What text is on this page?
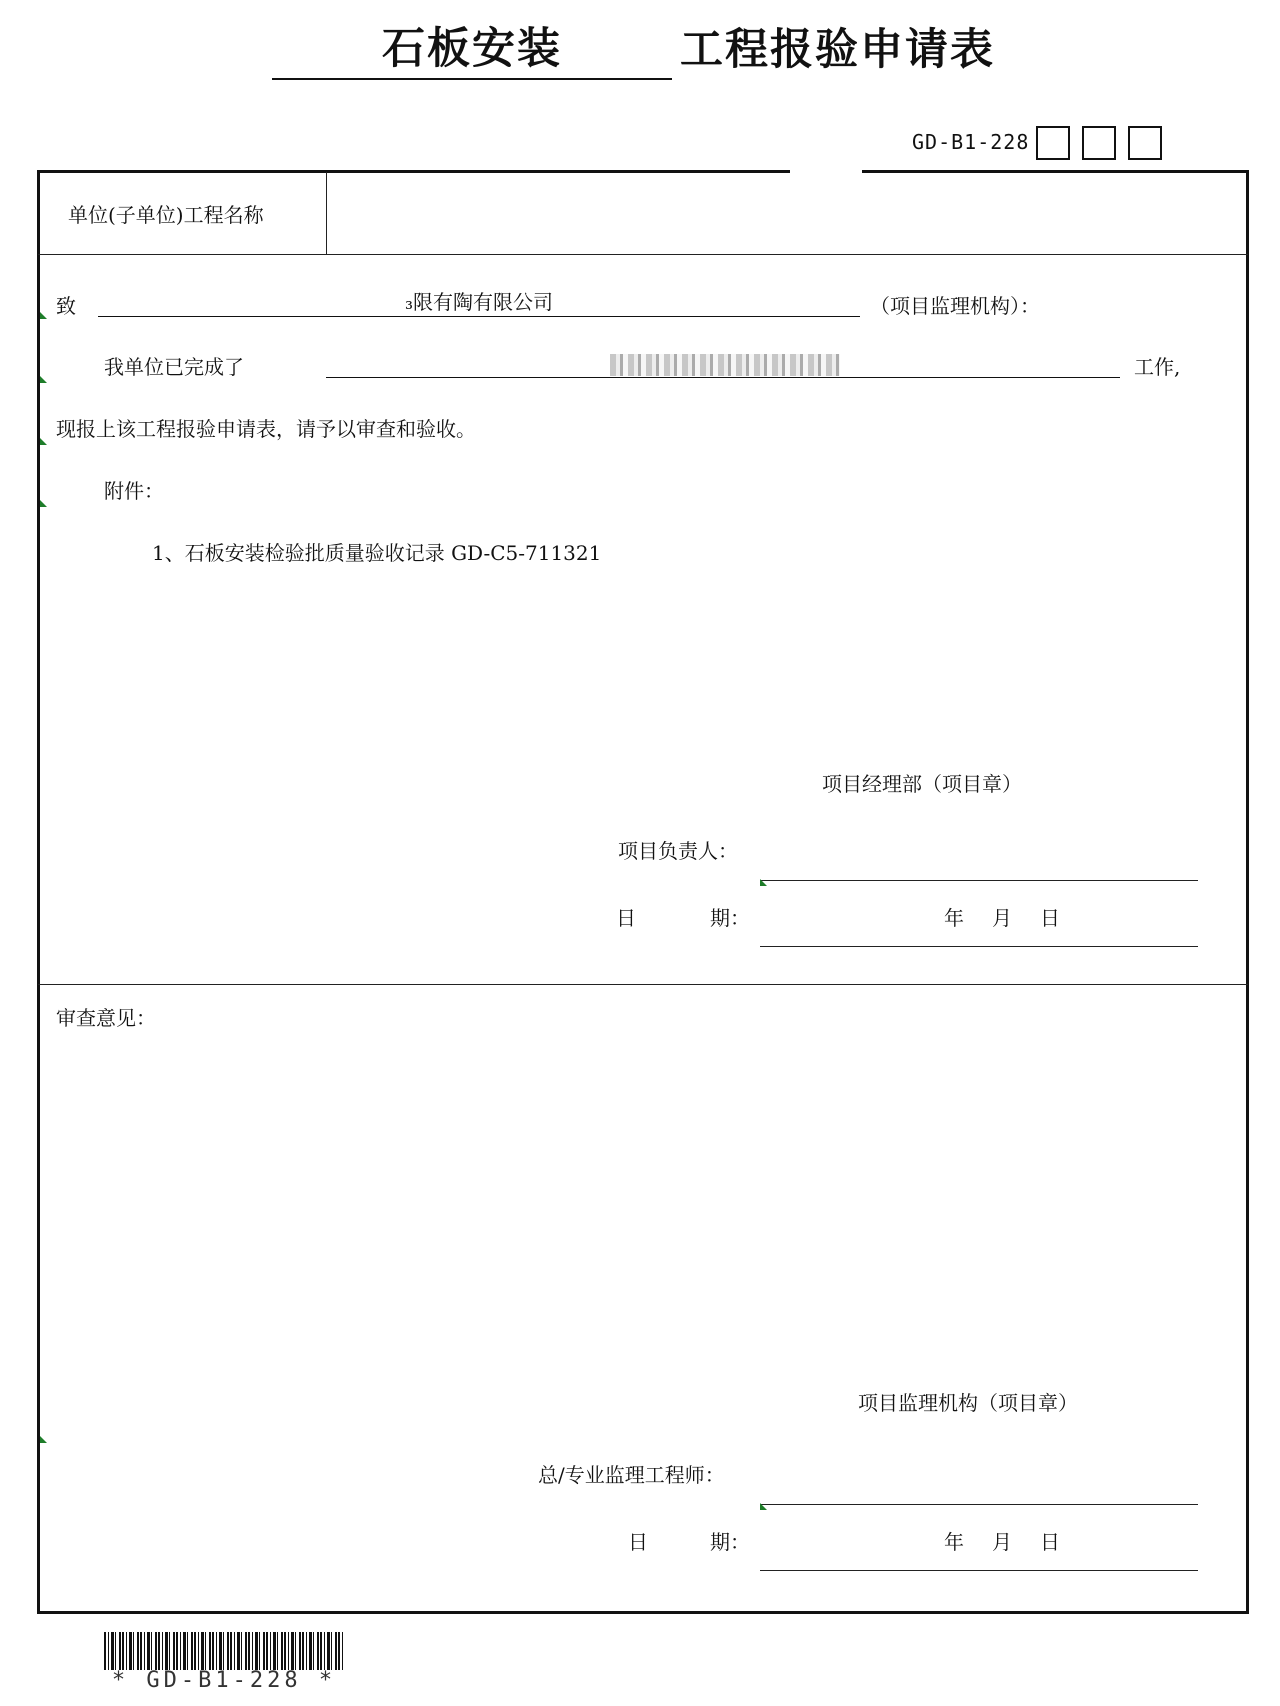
石板安装	工程报验申请表
GD-B1-228
单位(子单位)工程名称
致	₃限有陶有限公司	（项目监理机构）：
我单位已完成了	工作,
现报上该工程报验申请表，请予以审查和验收。
附件：
1、石板安装检验批质量验收记录 GD-C5-711321
项目经理部（项目章）
项目负责人：
日	期：	年 月 日
审查意见：
项目监理机构（项目章）
总/专业监理工程师：
日	期：	年 月 日
* GD-B1-228 *
